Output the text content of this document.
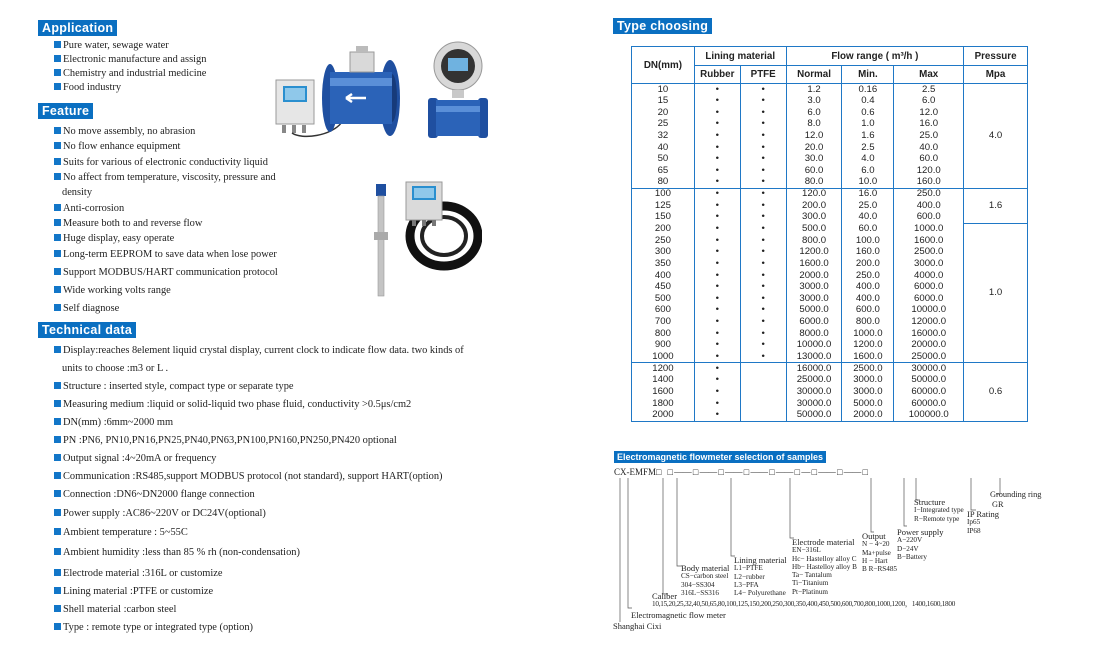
Application
Feature
Technical data
Type choosing
Pure water, sewage water
Electronic manufacture and assign
Chemistry and industrial medicine
Food industry
No move assembly, no abrasion
No flow enhance equipment
Suits for various of electronic conductivity liquid
No affect from temperature, viscosity, pressure and
density
Anti-corrosion
Measure both to and reverse flow
Huge display, easy operate
Long-term EEPROM to save data when lose power
Support MODBUS/HART communication protocol
Wide working volts range
Self diagnose
Display:reaches 8element liquid crystal display, current clock to indicate flow data. two kinds of
units to choose :m3 or L .
Structure : inserted style, compact type or separate type
Measuring medium :liquid or solid-liquid two phase fluid, conductivity >0.5μs/cm2
DN(mm) :6mm~2000 mm
PN :PN6, PN10,PN16,PN25,PN40,PN63,PN100,PN160,PN250,PN420 optional
Output signal :4~20mA or frequency
Communication :RS485,support MODBUS protocol (not standard), support HART(option)
Connection :DN6~DN2000 flange connection
Power supply :AC86~220V or DC24V(optional)
Ambient temperature : 5~55C
Ambient humidity :less than 85 % rh (non-condensation)
Electrode material :316L or customize
Lining material :PTFE or customize
Shell material :carbon steel
Type : remote type or integrated type (option)
DN(mm)	Lining material		Flow range ( m³/h )			Pressure
	Rubber	PTFE	Normal	Min.	Max	Mpa
10	•	•	1.2	0.16	2.5	4.0
15	•	•	3.0	0.4	6.0	
20	•	•	6.0	0.6	12.0	
25	•	•	8.0	1.0	16.0	
32	•	•	12.0	1.6	25.0	
40	•	•	20.0	2.5	40.0	
50	•	•	30.0	4.0	60.0	
65	•	•	60.0	6.0	120.0	
80	•	•	80.0	10.0	160.0	
100	•	•	120.0	16.0	250.0	1.6
125	•	•	200.0	25.0	400.0	
150	•	•	300.0	40.0	600.0	
200	•	•	500.0	60.0	1000.0	1.0
250	•	•	800.0	100.0	1600.0	
300	•	•	1200.0	160.0	2500.0	
350	•	•	1600.0	200.0	3000.0	
400	•	•	2000.0	250.0	4000.0	
450	•	•	3000.0	400.0	6000.0	
500	•	•	3000.0	400.0	6000.0	
600	•	•	5000.0	600.0	10000.0	
700	•	•	6000.0	800.0	12000.0	
800	•	•	8000.0	1000.0	16000.0	
900	•	•	10000.0	1200.0	20000.0	
1000	•	•	13000.0	1600.0	25000.0	
1200	•		16000.0	2500.0	30000.0	0.6
1400	•		25000.0	3000.0	50000.0	
1600	•		30000.0	3000.0	60000.0	
1800	•		30000.0	5000.0	60000.0	
2000	•		50000.0	2000.0	100000.0	
Electromagnetic flowmeter selection of samples
CX-EMFM□ □ —— □ —— □ —— □ —— □ —— □ — □ —— □ —— □
Grounding ring
GR
IP Rating
Ip65
IP68
Structure
I−Integrated type
R−Remote type
Power supply
A−220V
D−24V
B−Battery
Output
N − 4~20
Ma+pulse
H − Hart
B R−RS485
Electrode material
EN−316L
Hc− Hastelloy alloy C
Hb− Hastelloy alloy B
Ta− Tantalum
Ti−Titanium
Pt−Platinum
Lining material
L1−PTFE
L2−rubber
L3−PFA
L4− Polyurethane
Body material
CS−carbon steel
304−SS304
316L−SS316
Caliber
10,15,20,25,32,40,50,65,80,100,125,150,200,250,300,350,400,450,500,600,700,800,1000,1200，1400,1600,1800
Electromagnetic flow meter
Shanghai Cixi
